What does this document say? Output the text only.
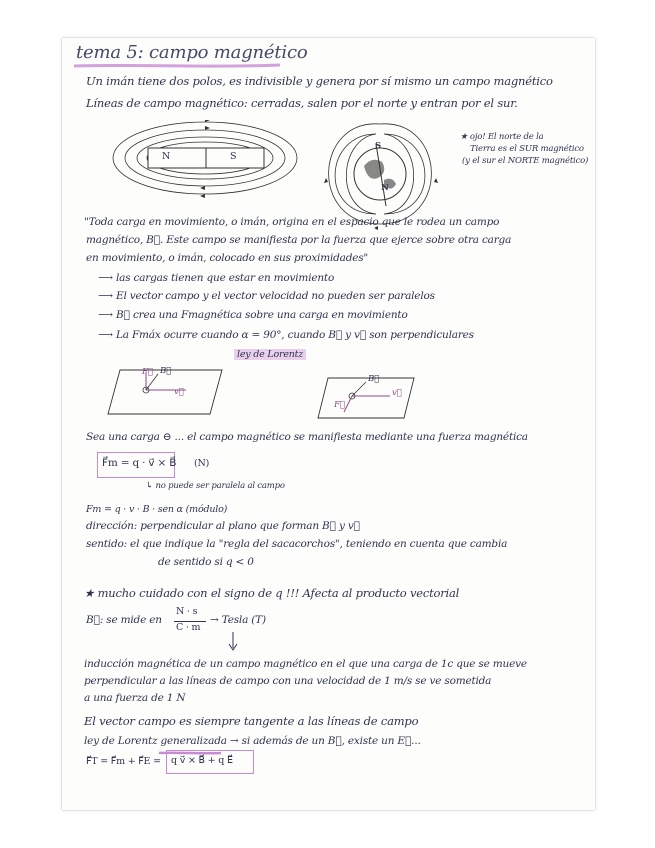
tema 5: campo magnético
Un imán tiene dos polos, es indivisible y genera por sí mismo un campo magnético
Líneas de campo magnético: cerradas, salen por el norte y entran por el sur.
N	S
S
N
★ ojo! El norte de la
Tierra es el SUR magnético
(y el sur el NORTE magnético)
"Toda carga en movimiento, o imán, origina en el espacio que le rodea un campo
magnético, B⃗. Este campo se manifiesta por la fuerza que ejerce sobre otra carga
en movimiento, o imán, colocado en sus proximidades"
⟶ las cargas tienen que estar en movimiento
⟶ El vector campo y el vector velocidad no pueden ser paralelos
⟶ B⃗ crea una Fmagnética sobre una carga en movimiento
⟶ La Fmáx ocurre cuando α = 90°, cuando B⃗ y v⃗ son perpendiculares
ley de Lorentz
F⃗ B⃗
v⃗
B⃗
v⃗
F⃗
Sea una carga ⊖ ... el campo magnético se manifiesta mediante una fuerza magnética
F⃗m = q · v⃗ × B⃗ (N)
↳ no puede ser paralela al campo
Fm = q · v · B · sen α (módulo)
dirección: perpendicular al plano que forman B⃗ y v⃗
sentido: el que indique la "regla del sacacorchos", teniendo en cuenta que cambia
de sentido si q < 0
★ mucho cuidado con el signo de q !!! Afecta al producto vectorial
B⃗: se mide en
N · s
C · m
→ Tesla (T)
inducción magnética de un campo magnético en el que una carga de 1c que se mueve
perpendicular a las líneas de campo con una velocidad de 1 m/s se ve sometida
a una fuerza de 1 N
El vector campo es siempre tangente a las líneas de campo
ley de Lorentz generalizada → si además de un B⃗, existe un E⃗...
F⃗T = F⃗m + F⃗E = q v⃗ × B⃗ + q E⃗
